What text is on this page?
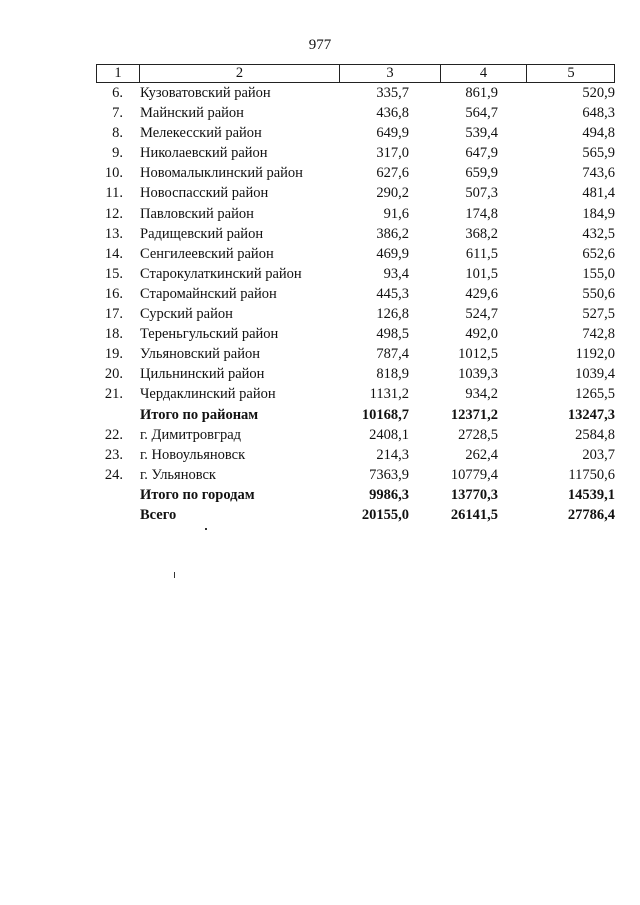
977
1	2	3	4	5
6. Кузоватовский район	335,7	861,9	520,9
7. Майнский район	436,8	564,7	648,3
8. Мелекесский район	649,9	539,4	494,8
9. Николаевский район	317,0	647,9	565,9
10. Новомалыклинский район	627,6	659,9	743,6
11. Новоспасский район	290,2	507,3	481,4
12. Павловский район	91,6	174,8	184,9
13. Радищевский район	386,2	368,2	432,5
14. Сенгилеевский район	469,9	611,5	652,6
15. Старокулаткинский район	93,4	101,5	155,0
16. Старомайнский район	445,3	429,6	550,6
17. Сурский район	126,8	524,7	527,5
18. Тереньгульский район	498,5	492,0	742,8
19. Ульяновский район	787,4	1012,5	1192,0
20. Цильнинский район	818,9	1039,3	1039,4
21. Чердаклинский район	1131,2	934,2	1265,5
Итого по районам	10168,7	12371,2	13247,3
22. г. Димитровград	2408,1	2728,5	2584,8
23. г. Новоульяновск	214,3	262,4	203,7
24. г. Ульяновск	7363,9	10779,4	11750,6
Итого по городам	9986,3	13770,3	14539,1
Всего	20155,0	26141,5	27786,4
